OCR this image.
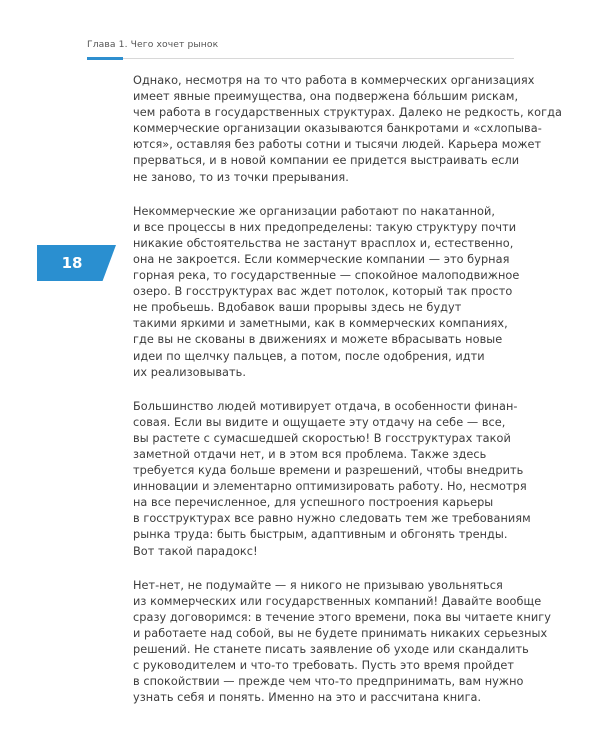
Глава 1. Чего хочет рынок
18

Однако, несмотря на то что работа в коммерческих организациях
имеет явные преимущества, она подвержена бо́льшим рискам,
чем работа в государственных структурах. Далеко не редкость, когда
коммерческие организации оказываются банкротами и «схлопыва-
ются», оставляя без работы сотни и тысячи людей. Карьера может
прерваться, и в новой компании ее придется выстраивать если
не заново, то из точки прерывания.

Некоммерческие же организации работают по накатанной,
и все процессы в них предопределены: такую структуру почти
никакие обстоятельства не застанут врасплох и, естественно,
она не закроется. Если коммерческие компании — это бурная
горная река, то государственные — спокойное малоподвижное
озеро. В госструктурах вас ждет потолок, который так просто
не пробьешь. Вдобавок ваши прорывы здесь не будут
такими яркими и заметными, как в коммерческих компаниях,
где вы не скованы в движениях и можете вбрасывать новые
идеи по щелчку пальцев, а потом, после одобрения, идти
их реализовывать.

Большинство людей мотивирует отдача, в особенности финан-
совая. Если вы видите и ощущаете эту отдачу на себе — все,
вы растете с сумасшедшей скоростью! В госструктурах такой
заметной отдачи нет, и в этом вся проблема. Также здесь
требуется куда больше времени и разрешений, чтобы внедрить
инновации и элементарно оптимизировать работу. Но, несмотря
на все перечисленное, для успешного построения карьеры
в госструктурах все равно нужно следовать тем же требованиям
рынка труда: быть быстрым, адаптивным и обгонять тренды.
Вот такой парадокс!

Нет-нет, не подумайте — я никого не призываю увольняться
из коммерческих или государственных компаний! Давайте вообще
сразу договоримся: в течение этого времени, пока вы читаете книгу
и работаете над собой, вы не будете принимать никаких серьезных
решений. Не станете писать заявление об уходе или скандалить
с руководителем и что-то требовать. Пусть это время пройдет
в спокойствии — прежде чем что-то предпринимать, вам нужно
узнать себя и понять. Именно на это и рассчитана книга.
